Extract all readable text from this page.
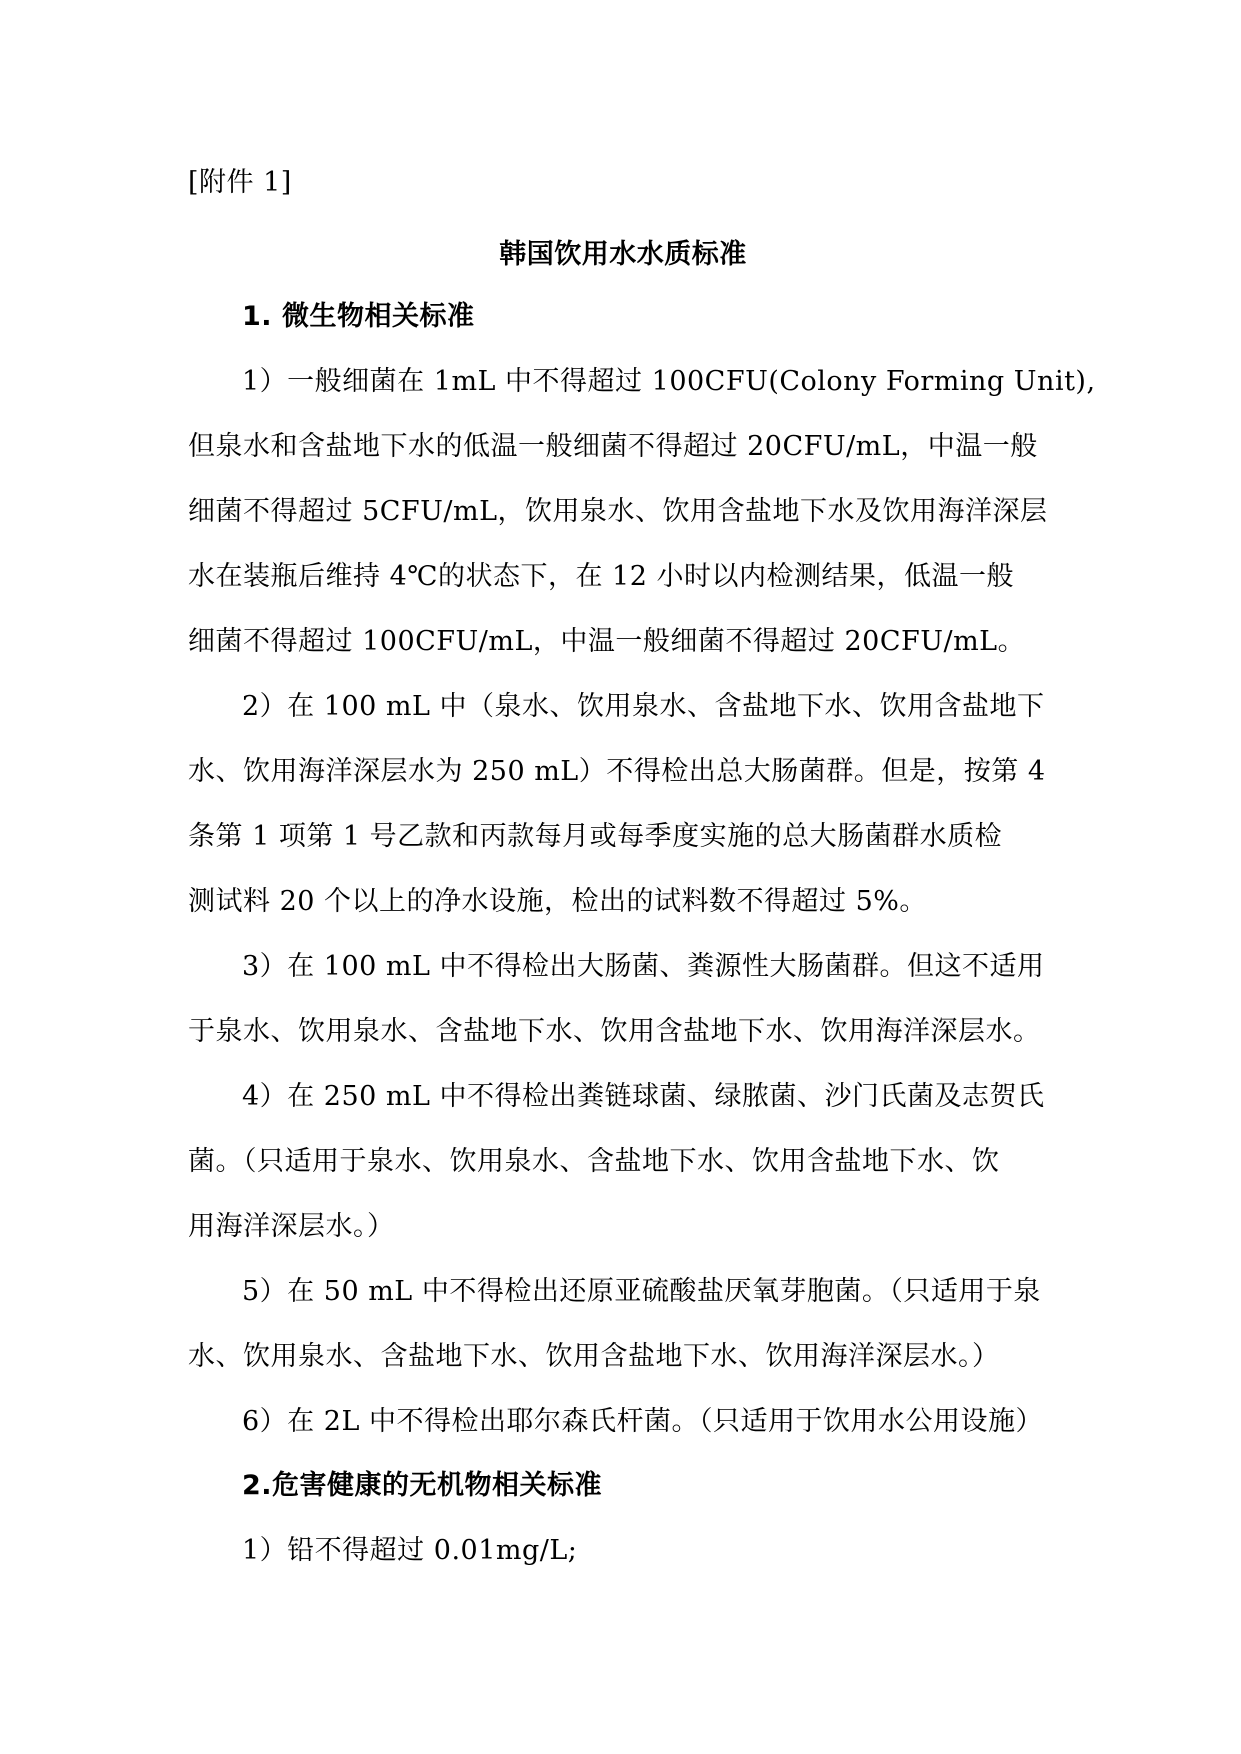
[附件 1]
韩国饮用水水质标准
1. 微生物相关标准
1）一般细菌在 1mL 中不得超过 100CFU(Colony Forming Unit),
但泉水和含盐地下水的低温一般细菌不得超过 20CFU/mL，中温一般
细菌不得超过 5CFU/mL，饮用泉水、饮用含盐地下水及饮用海洋深层
水在装瓶后维持 4℃的状态下，在 12 小时以内检测结果，低温一般
细菌不得超过 100CFU/mL，中温一般细菌不得超过 20CFU/mL。
2）在 100 mL 中（泉水、饮用泉水、含盐地下水、饮用含盐地下
水、饮用海洋深层水为 250 mL）不得检出总大肠菌群。但是，按第 4
条第 1 项第 1 号乙款和丙款每月或每季度实施的总大肠菌群水质检
测试料 20 个以上的净水设施，检出的试料数不得超过 5%。
3）在 100 mL 中不得检出大肠菌、粪源性大肠菌群。但这不适用
于泉水、饮用泉水、含盐地下水、饮用含盐地下水、饮用海洋深层水。
4）在 250 mL 中不得检出粪链球菌、绿脓菌、沙门氏菌及志贺氏
菌。（只适用于泉水、饮用泉水、含盐地下水、饮用含盐地下水、饮
用海洋深层水。）
5）在 50 mL 中不得检出还原亚硫酸盐厌氧芽胞菌。（只适用于泉
水、饮用泉水、含盐地下水、饮用含盐地下水、饮用海洋深层水。）
6）在 2L 中不得检出耶尔森氏杆菌。（只适用于饮用水公用设施）
2.危害健康的无机物相关标准
1）铅不得超过 0.01mg/L;
